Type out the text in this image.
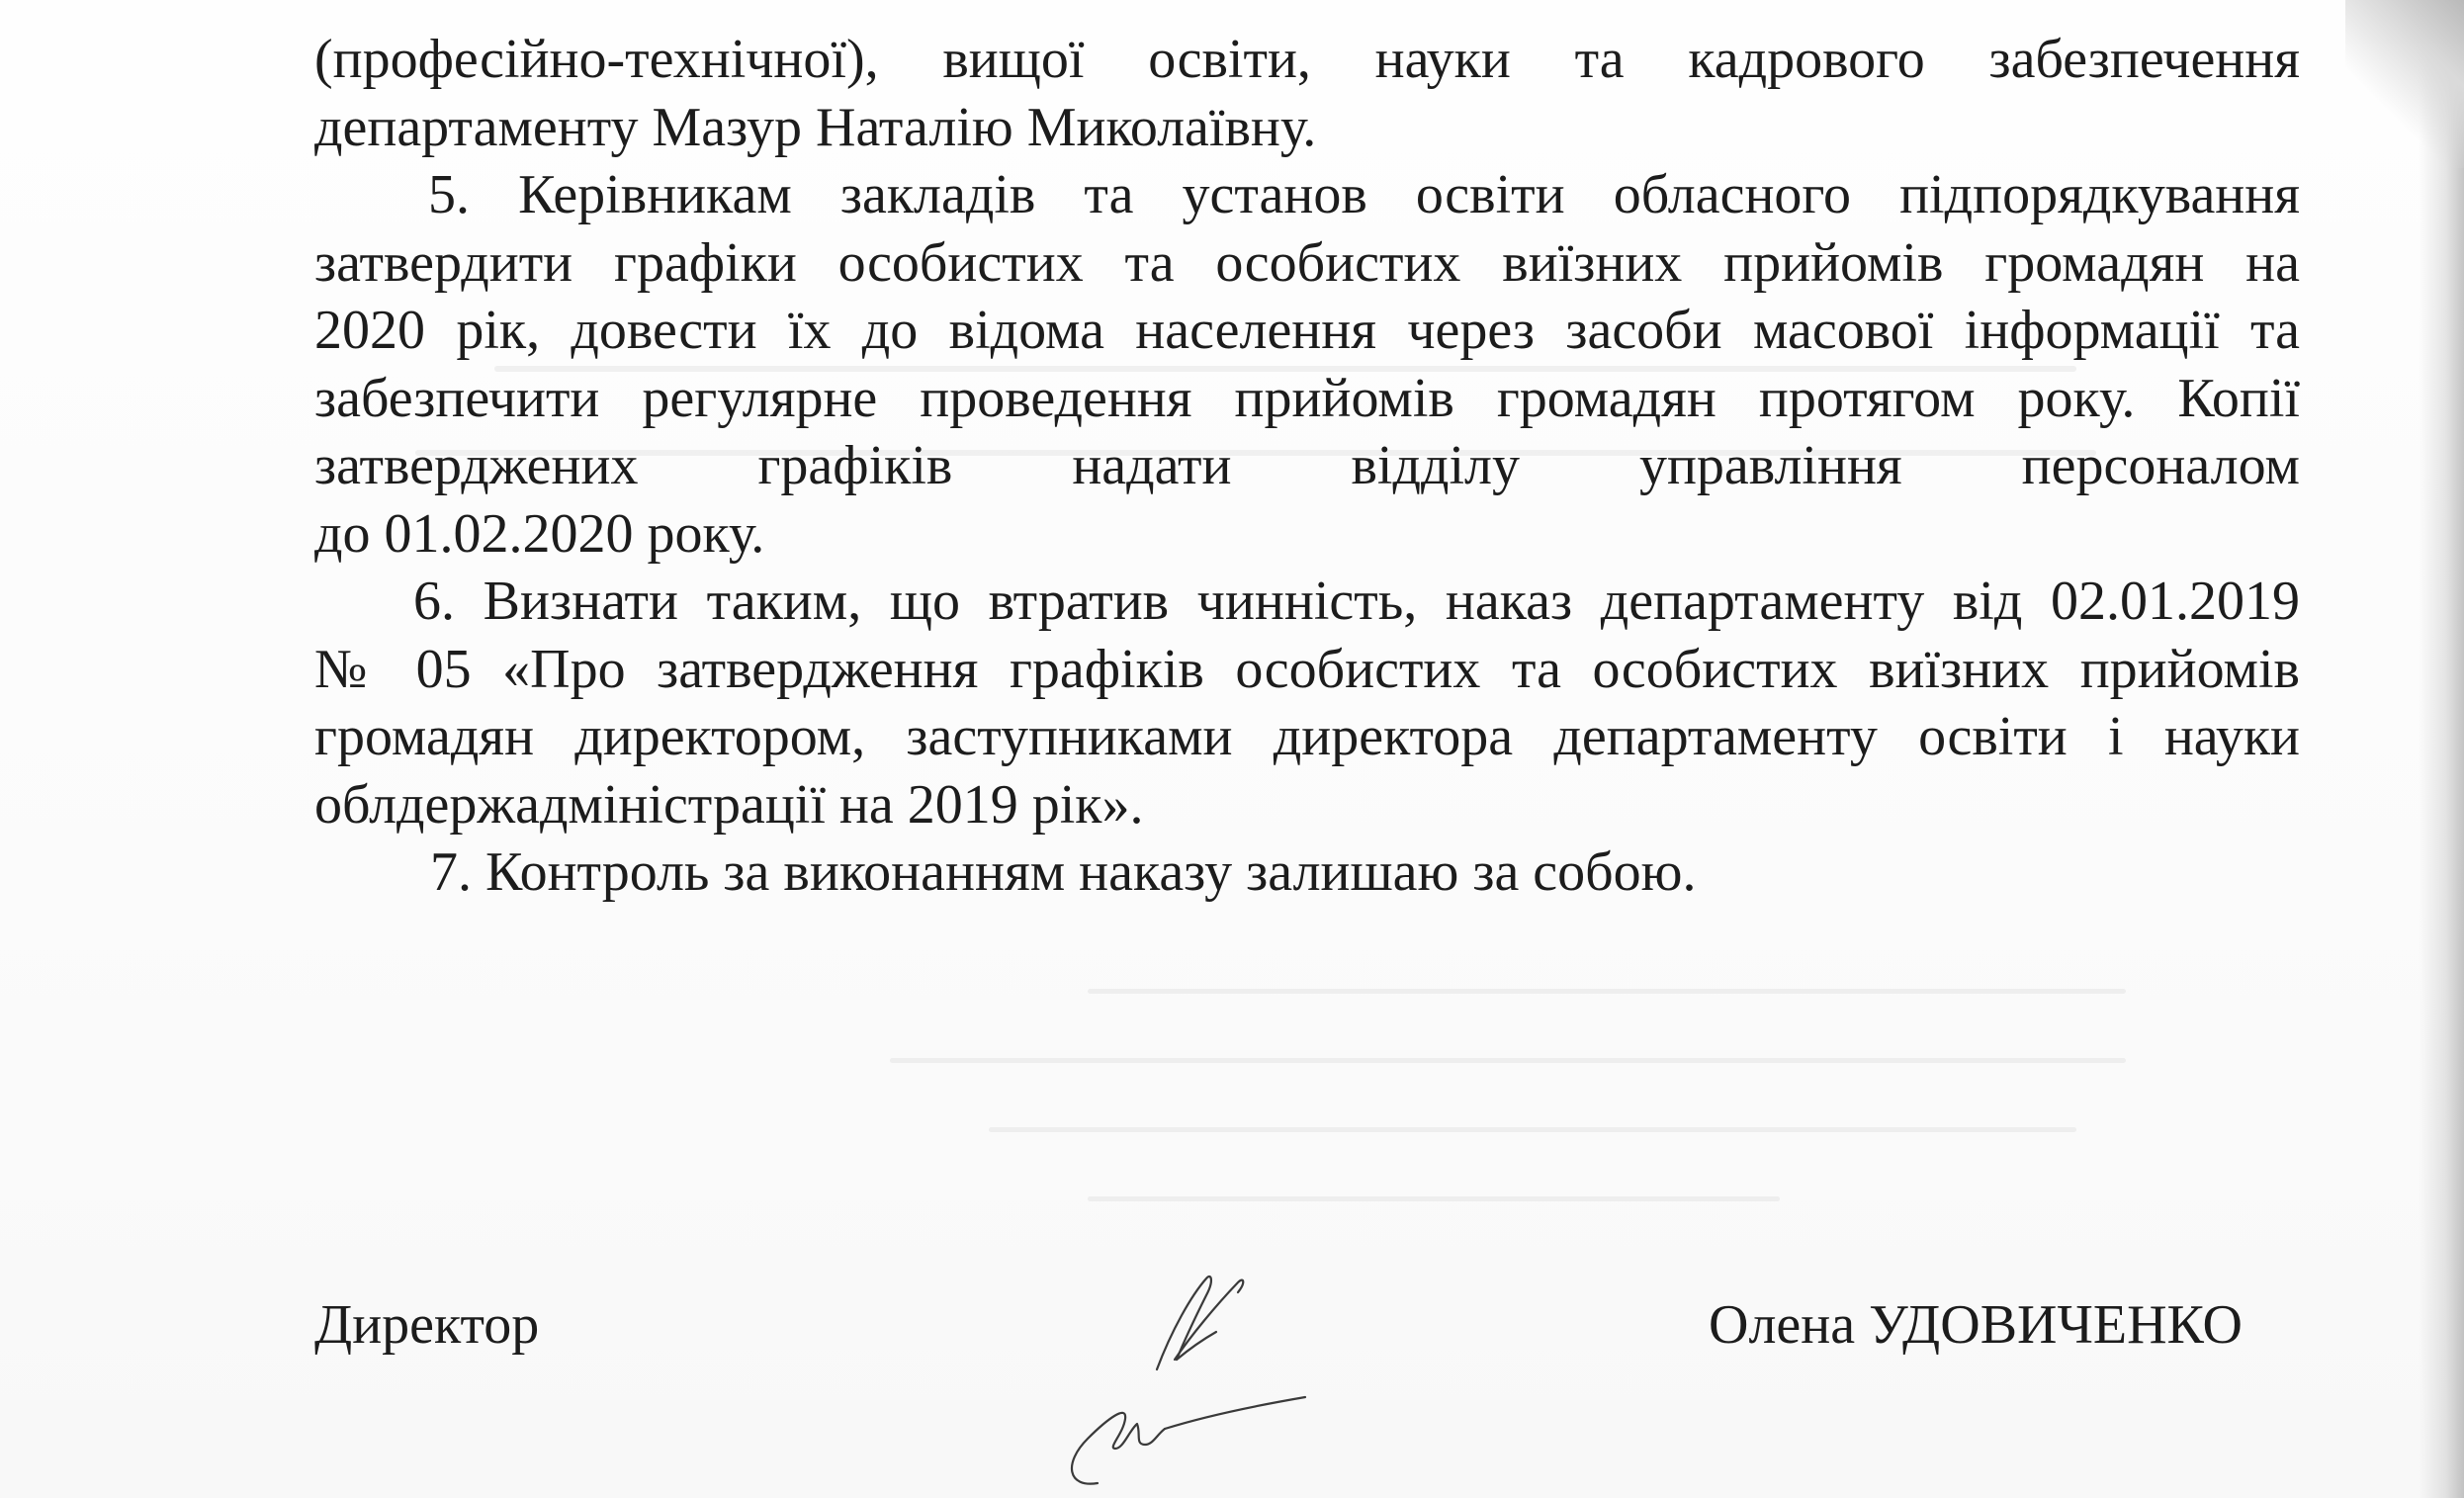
(професійно-технічної), вищої освіти, науки та кадрового забезпечення
департаменту Мазур Наталію Миколаївну.

5. Керівникам закладів та установ освіти обласного підпорядкування
затвердити графіки особистих та особистих виїзних прийомів громадян на
2020 рік, довести їх до відома населення через засоби масової інформації та
забезпечити регулярне проведення прийомів громадян протягом року. Копії
затверджених графіків надати відділу управління персоналом
до 01.02.2020 року.

6. Визнати таким, що втратив чинність, наказ департаменту від 02.01.2019
№ 05 «Про затвердження графіків особистих та особистих виїзних прийомів
громадян директором, заступниками директора департаменту освіти і науки
облдержадміністрації на 2019 рік».

7. Контроль за виконанням наказу залишаю за собою.

Директор	Олена УДОВИЧЕНКО
